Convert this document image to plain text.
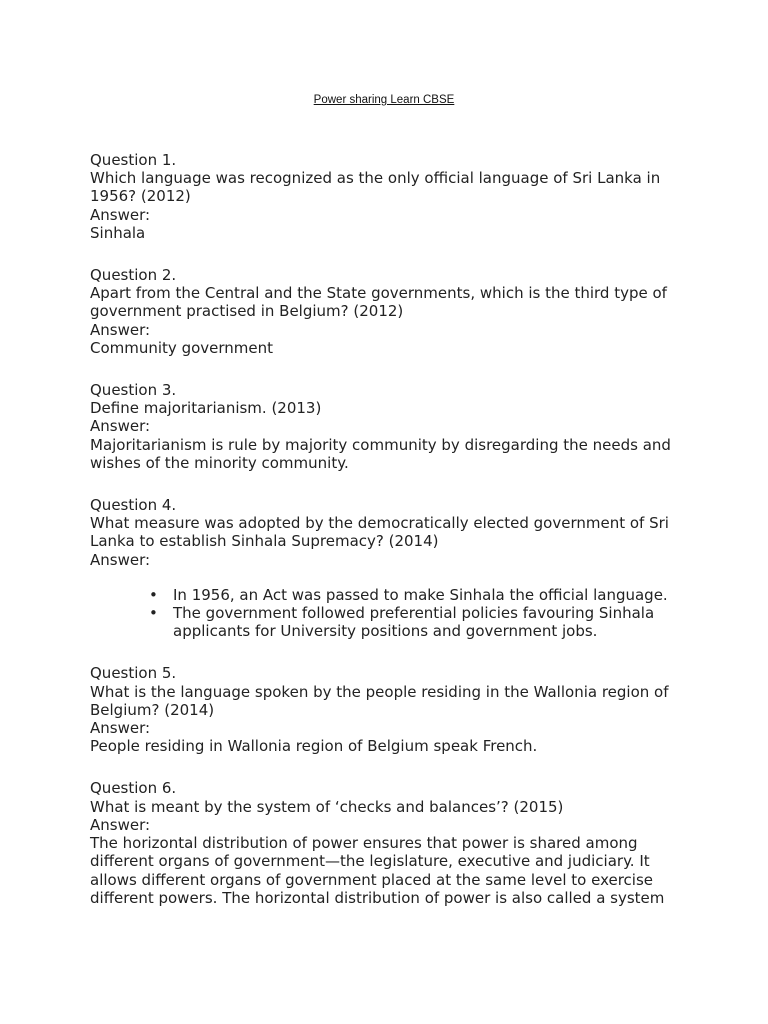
Power sharing Learn CBSE

Question 1.

Which language was recognized as the only official language of Sri Lanka in 1956? (2012)

Answer:

Sinhala

Question 2.

Apart from the Central and the State governments, which is the third type of government practised in Belgium? (2012)

Answer:

Community government

Question 3.

Define majoritarianism. (2013)

Answer:

Majoritarianism is rule by majority community by disregarding the needs and wishes of the minority community.

Question 4.

What measure was adopted by the democratically elected government of Sri Lanka to establish Sinhala Supremacy? (2014)

Answer:

• In 1956, an Act was passed to make Sinhala the official language.
• The government followed preferential policies favouring Sinhala applicants for University positions and government jobs.

Question 5.

What is the language spoken by the people residing in the Wallonia region of Belgium? (2014)

Answer:

People residing in Wallonia region of Belgium speak French.

Question 6.

What is meant by the system of ‘checks and balances’? (2015)

Answer:

The horizontal distribution of power ensures that power is shared among different organs of government—the legislature, executive and judiciary. It allows different organs of government placed at the same level to exercise different powers. The horizontal distribution of power is also called a system
